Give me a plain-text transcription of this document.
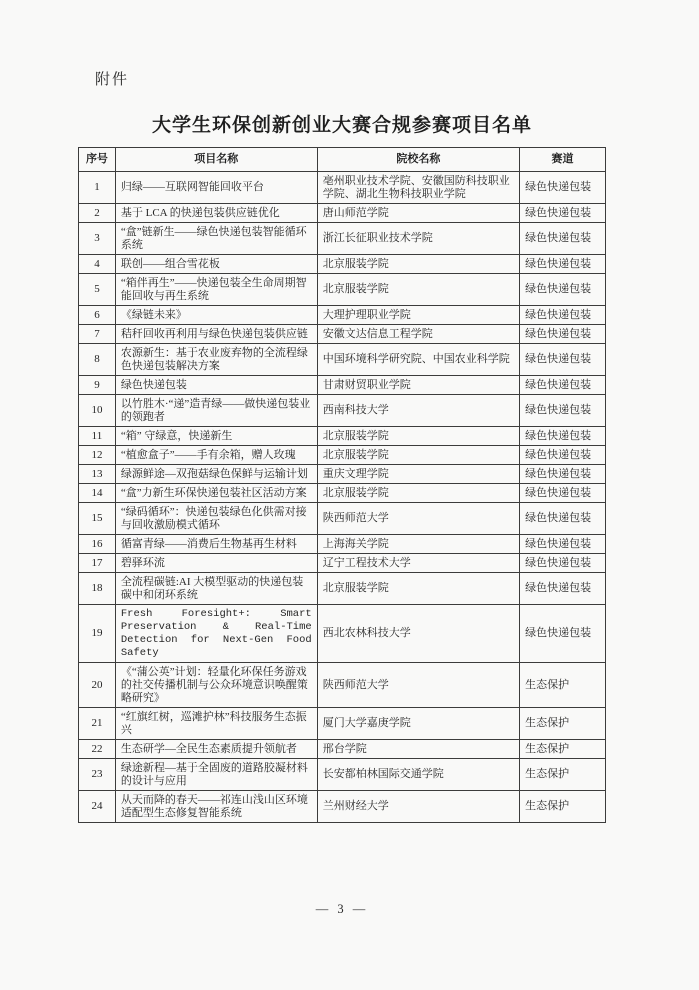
附件
大学生环保创新创业大赛合规参赛项目名单
序号	项目名称	院校名称	赛道
1	归绿——互联网智能回收平台	亳州职业技术学院、安徽国防科技职业学院、湖北生物科技职业学院	绿色快递包装
2	基于 LCA 的快递包装供应链优化	唐山师范学院	绿色快递包装
3	“盒”链新生——绿色快递包装智能循环系统	浙江长征职业技术学院	绿色快递包装
4	联创——组合雪花板	北京服装学院	绿色快递包装
5	“箱伴再生”——快递包装全生命周期智能回收与再生系统	北京服装学院	绿色快递包装
6	《绿链未来》	大理护理职业学院	绿色快递包装
7	秸秆回收再利用与绿色快递包装供应链	安徽文达信息工程学院	绿色快递包装
8	农源新生：基于农业废弃物的全流程绿色快递包装解决方案	中国环境科学研究院、中国农业科学院	绿色快递包装
9	绿色快递包装	甘肃财贸职业学院	绿色快递包装
10	以竹胜木·“递”造青绿——做快递包装业的领跑者	西南科技大学	绿色快递包装
11	“箱” 守绿意，快递新生	北京服装学院	绿色快递包装
12	“植愈盒子”——手有余箱，赠人玫瑰	北京服装学院	绿色快递包装
13	绿源鲜途—双孢菇绿色保鲜与运输计划	重庆文理学院	绿色快递包装
14	“盒”力新生环保快递包装社区活动方案	北京服装学院	绿色快递包装
15	“绿码循环”：快递包装绿色化供需对接与回收激励模式循环	陕西师范大学	绿色快递包装
16	循富青绿——消费后生物基再生材料	上海海关学院	绿色快递包装
17	碧驿环流	辽宁工程技术大学	绿色快递包装
18	全流程碳链:AI 大模型驱动的快递包装碳中和闭环系统	北京服装学院	绿色快递包装
19	Fresh Foresight+: Smart Preservation & Real-Time Detection for Next-Gen Food Safety	西北农林科技大学	绿色快递包装
20	《“蒲公英”计划：轻量化环保任务游戏的社交传播机制与公众环境意识唤醒策略研究》	陕西师范大学	生态保护
21	“红旗红树，巡滩护林”科技服务生态振兴	厦门大学嘉庚学院	生态保护
22	生态研学—全民生态素质提升领航者	邢台学院	生态保护
23	绿途新程—基于全固废的道路胶凝材料的设计与应用	长安都柏林国际交通学院	生态保护
24	从天而降的春天——祁连山浅山区环境适配型生态修复智能系统	兰州财经大学	生态保护
— 3 —
